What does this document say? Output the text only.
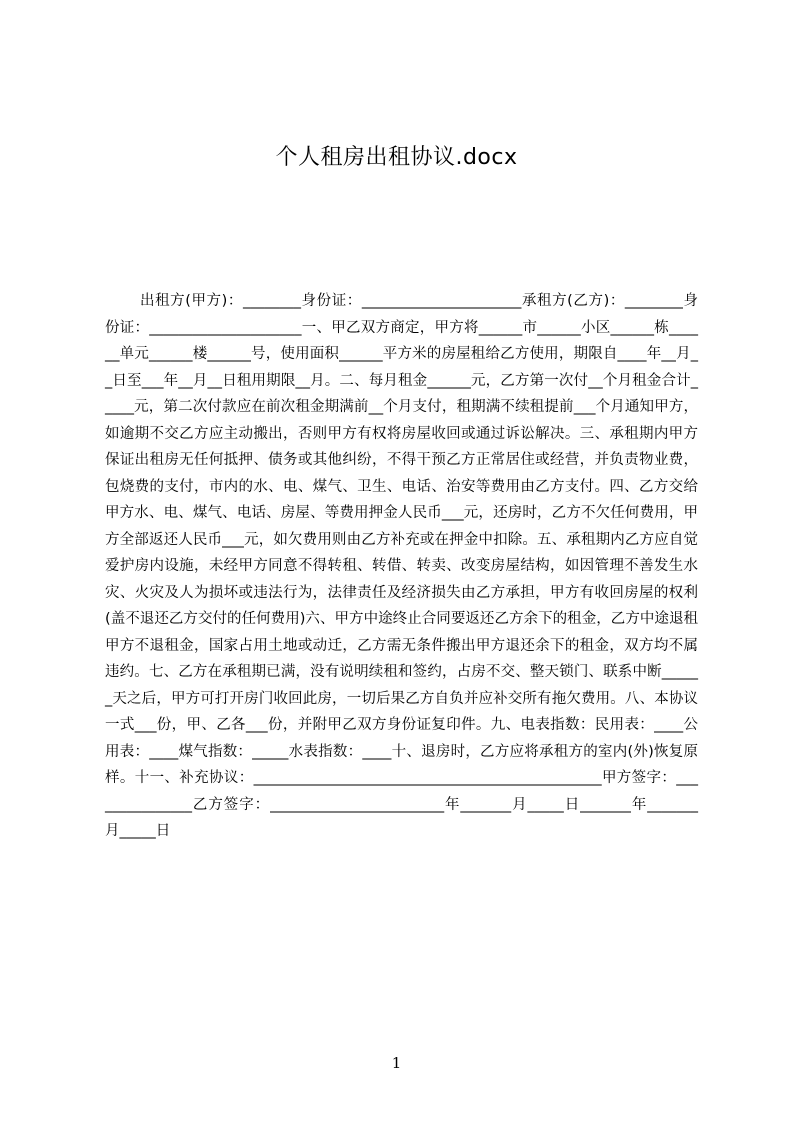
个人租房出租协议.docx

出租方(甲方)：________身份证：______________________承租方(乙方)：________身份证：_____________________一、甲乙双方商定，甲方将______市______小区______栋______单元______楼______号，使用面积______平方米的房屋租给乙方使用，期限自____年__月__日至___年__月__日租用期限__月。二、每月租金______元，乙方第一次付__个月租金合计_____元，第二次付款应在前次租金期满前__个月支付，租期满不续租提前___个月通知甲方，如逾期不交乙方应主动搬出，否则甲方有权将房屋收回或通过诉讼解决。三、承租期内甲方保证出租房无任何抵押、债务或其他纠纷，不得干预乙方正常居住或经营，并负责物业费，包烧费的支付，市内的水、电、煤气、卫生、电话、治安等费用由乙方支付。四、乙方交给甲方水、电、煤气、电话、房屋、等费用押金人民币___元，还房时，乙方不欠任何费用，甲方全部返还人民币___元，如欠费用则由乙方补充或在押金中扣除。五、承租期内乙方应自觉爱护房内设施，未经甲方同意不得转租、转借、转卖、改变房屋结构，如因管理不善发生水灾、火灾及人为损坏或违法行为，法律责任及经济损失由乙方承担，甲方有收回房屋的权利(盖不退还乙方交付的任何费用)六、甲方中途终止合同要返还乙方余下的租金，乙方中途退租甲方不退租金，国家占用土地或动迁，乙方需无条件搬出甲方退还余下的租金，双方均不属违约。七、乙方在承租期已满，没有说明续租和签约，占房不交、整天锁门、联系中断______天之后，甲方可打开房门收回此房，一切后果乙方自负并应补交所有拖欠费用。八、本协议一式___份，甲、乙各___份，并附甲乙双方身份证复印件。九、电表指数：民用表：____公用表：____煤气指数：_____水表指数：____十、退房时，乙方应将承租方的室内(外)恢复原样。十一、补充协议：________________________________________________甲方签字：_______________乙方签字：________________________年_______月_____日_______年_______月_____日

1
